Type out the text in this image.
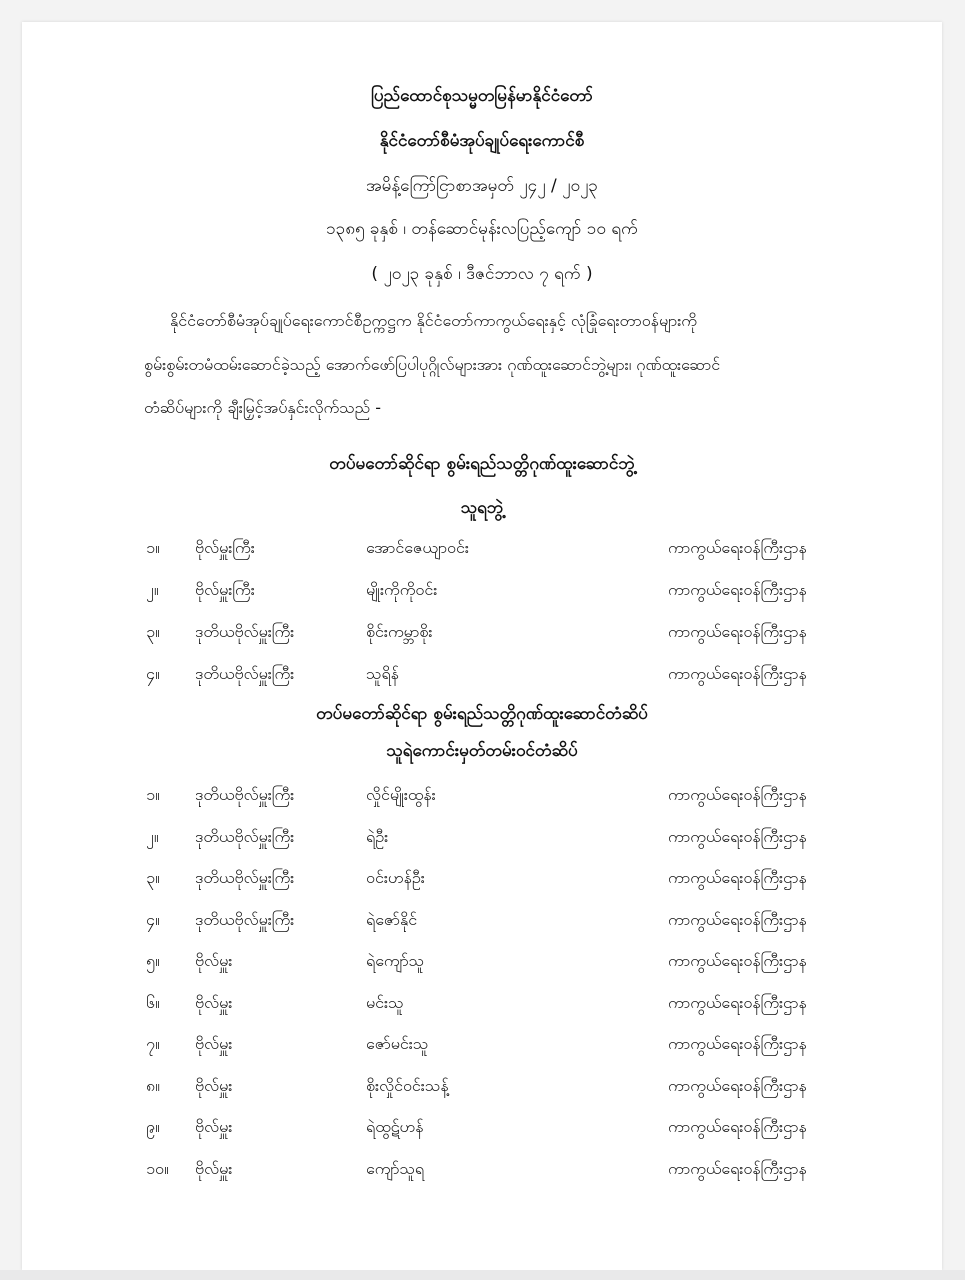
ပြည်ထောင်စုသမ္မတမြန်မာနိုင်ငံတော်
နိုင်ငံတော်စီမံအုပ်ချုပ်ရေးကောင်စီ
အမိန့်ကြော်ငြာစာအမှတ် ၂၄၂ / ၂၀၂၃
၁၃၈၅ ခုနှစ် ၊ တန်ဆောင်မုန်းလပြည့်ကျော် ၁၀ ရက်
( ၂၀၂၃ ခုနှစ် ၊ ဒီဇင်ဘာလ ၇ ရက် )
နိုင်ငံတော်စီမံအုပ်ချုပ်ရေးကောင်စီဥက္ကဋ္ဌက နိုင်ငံတော်ကာကွယ်ရေးနှင့် လုံခြုံရေးတာဝန်များကို
စွမ်းစွမ်းတမံထမ်းဆောင်ခဲ့သည့် အောက်ဖော်ပြပါပုဂ္ဂိုလ်များအား ဂုဏ်ထူးဆောင်ဘွဲ့များ၊ ဂုဏ်ထူးဆောင်
တံဆိပ်များကို ချီးမြှင့်အပ်နှင်းလိုက်သည် -
တပ်မတော်ဆိုင်ရာ စွမ်းရည်သတ္တိဂုဏ်ထူးဆောင်ဘွဲ့
သူရဘွဲ့
၁။ ဗိုလ်မှူးကြီး	အောင်ဇေယျာဝင်း	ကာကွယ်ရေးဝန်ကြီးဌာန
၂။ ဗိုလ်မှူးကြီး	မျိုးကိုကိုဝင်း	ကာကွယ်ရေးဝန်ကြီးဌာန
၃။ ဒုတိယဗိုလ်မှူးကြီး	စိုင်းကမ္ဘာစိုး	ကာကွယ်ရေးဝန်ကြီးဌာန
၄။ ဒုတိယဗိုလ်မှူးကြီး	သူရိန်	ကာကွယ်ရေးဝန်ကြီးဌာန
တပ်မတော်ဆိုင်ရာ စွမ်းရည်သတ္တိဂုဏ်ထူးဆောင်တံဆိပ်
သူရဲကောင်းမှတ်တမ်းဝင်တံဆိပ်
၁။ ဒုတိယဗိုလ်မှူးကြီး	လှိုင်မျိုးထွန်း	ကာကွယ်ရေးဝန်ကြီးဌာန
၂။ ဒုတိယဗိုလ်မှူးကြီး	ရဲဦး	ကာကွယ်ရေးဝန်ကြီးဌာန
၃။ ဒုတိယဗိုလ်မှူးကြီး	ဝင်းဟန်ဦး	ကာကွယ်ရေးဝန်ကြီးဌာန
၄။ ဒုတိယဗိုလ်မှူးကြီး	ရဲဇော်နိုင်	ကာကွယ်ရေးဝန်ကြီးဌာန
၅။ ဗိုလ်မှူး	ရဲကျော်သူ	ကာကွယ်ရေးဝန်ကြီးဌာန
၆။ ဗိုလ်မှူး	မင်းသူ	ကာကွယ်ရေးဝန်ကြီးဌာန
၇။ ဗိုလ်မှူး	ဇော်မင်းသူ	ကာကွယ်ရေးဝန်ကြီးဌာန
၈။ ဗိုလ်မှူး	စိုးလှိုင်ဝင်းသန့်	ကာကွယ်ရေးဝန်ကြီးဌာန
၉။ ဗိုလ်မှူး	ရဲထွဋ်ဟန်	ကာကွယ်ရေးဝန်ကြီးဌာန
၁၀။ ဗိုလ်မှူး	ကျော်သူရ	ကာကွယ်ရေးဝန်ကြီးဌာန
